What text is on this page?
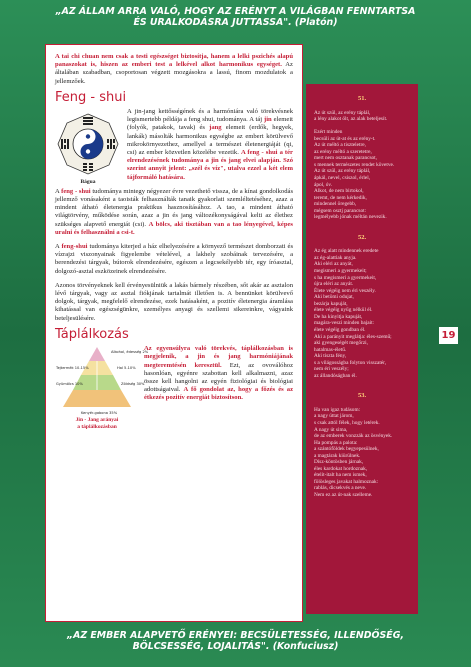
„AZ ÁLLAM ARRA VALÓ, HOGY AZ ERÉNYT A VILÁGBAN FENNTARTSA
ÉS URALKODÁSRA JUTTASSA". (Platón)

A tai chi chuan nem csak a testi egészséget biztosítja, hanem a lelki pszichés alapú panaszokat is, hiszen az emberi test a lelkével alkot harmonikus egységet. Az általában szabadban, csoportosan végzett mozgásokra a lassú, finom mozdulatok a jellemzőek.

Feng - shui
Bágua

A jin-jang kettősségének és a harmóniára való törekvésnek legismertebb példája a feng shui, tudománya. A táj jin elemeit (folyók, patakok, tavak) és jang elemeit (erdők, hegyek, lankák) másolták harmonikus egységbe az embert körülvevő mikrokörnyezethez, amellyel a természet életenergiáját (qi, csi) az ember közvetlen közelébe vezetik. A feng - shui a tér elrendezésének tudománya a jin és jang elvei alapján. Szó szerint annyit jelent: „szél és víz", utalva ezzel a két elem tájformáló hatására.

A feng - shui tudománya mintegy négyezer évre vezethető vissza, de a kínai gondolkodás jellemző vonásaként a taoisták felhasználták tanaik gyakorlati szemléltetéséhez, azaz a mindent átható életenergia praktikus hasznosításához. A tao, a mindent átható világtörvény, működése során, azaz a jin és jang változékonyságával kelti az élethez szükséges alapvető energiát (csi). A bölcs, aki tisztában van a tao lényegével, képes uralni és felhasználni a csi-t.

A feng-shui tudománya kiterjed a ház elhelyezésére a környező természet domborzati és vízrajzi viszonyainak figyelembe vételével, a lakhely szobáinak tervezésére, a berendezési tárgyak, bútorok elrendezésére, egészen a legcsekélyebb tér, egy íróasztal, dolgozó-asztal eszközeinek elrendezésére.

Azonos törvényeknek kell érvényesülniük a lakás bármely részében, sőt akár az asztalon lévő tárgyak, vagy az asztal fiókjának tartalmát illetően is. A bennünket körülvevő dolgok, tárgyak, megfelelő elrendezése, ezek hatásaként, a pozitív életenergia áramlása kihatással van egészségünkre, személyes anyagi és szellemi sikereinkre, vágyaink beteljesülésére.

Táplálkozás
Alkohol, édesség 2%
Tejtermék 10-15%	Hal 5-10%
Gyümölcs 10%	Zöldség 30%
Kenyér-gabona 35%
Jin - Jang arányai
a táplálkozásban

Az egyensúlyra való törekvés, táplálkozásban is megjelenik, a jin és jang harmóniájának megteremtésén keresztül. Ezt, az ovoválóhoz hasonlóan, egyénre szabottan kell alkalmazni, azaz össze kell hangolni az egyén fiziológiai és biológiai adottságaival. A fő gondolat az, hogy a főzés és az étkezés pozitív energiát biztosítson.

51.
Az út szül, az erény táplál,
a lény alakot ölt, az alak beteljesít.

Ezért minden
becsüli az út-at és az erény-t.
Az út méltó a tiszteletre,
az erény méltó a szeretetre,
mert nem osztanak parancsot,
s mennek természetes rendet követve.
Az út szül, az erény táplál,
ápkál, nevel, csiszol, érlel,
ápol, óv.
Alkot, de nem birtokol,
teremt, de nem kérkedik,
mindennel öregebb,
mégsem osztj parancsot:
legmélyebb jónak méltán nevezik.
52.
Az ég alatt mindennek eredete
az ég-alattiak anyja.
Aki eléri az anyát,
megismeri a gyermekeit;
s ha megismeri a gyermekeit,
újra eléri az anyát.
Élete végéig nem éri veszély.
Aki betömi odujat,
bezárja kapuját,
élete végéig nyűg nélkül él.
De ha kinyitja kapuját,
magára-veszi minden bajait:
élete végéig gondban él.
Aki a parányit meglátja: éles-szemű;
aki gyengeségét megőrzi,
hatalmas-életű.
Aki tiszta fény,
s a világosságba folyton visszatér,
nem éri veszély;
az állandóságban él.
53.
Ha van igaz tudásom:
a nagy úttat járom,
s csak attól félek, hogy letérek.
A nagy út sima,
de az emberek vonzzák az ösvények.
Ha pompás a palota:
a szántóföldek begyepesülnek,
a magtárak kiürülnek.
Dísz-köntösben járnak,
éles kardokat hordoznak,
ételit-italt ha nem ismek,
fölösleges javakat halmoznak:
rablás, dicsekvés a neve.
Nem ez az út-nak szelleme.
19
„AZ EMBER ALAPVETŐ ERÉNYEI: BECSÜLETESSÉG, ILLENDŐSÉG,
BÖLCSESSÉG, LOJALITÁS". (Konfuciusz)
